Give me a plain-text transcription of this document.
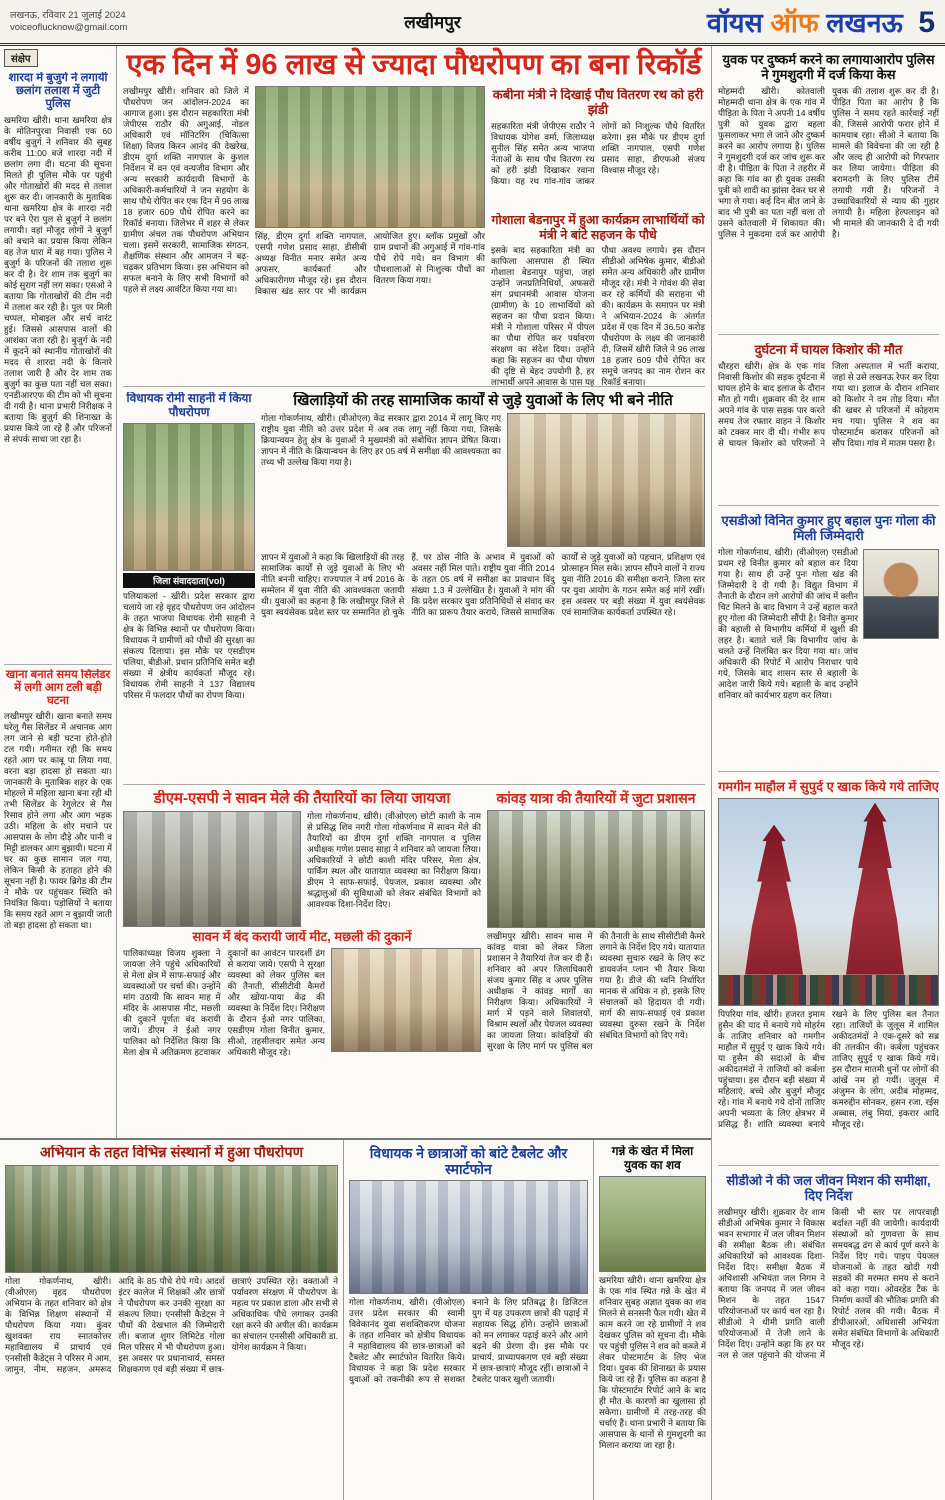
लखनऊ, रविवार 21 जुलाई 2024
voiceoflucknow@gmail.com	लखीमपुर	वॉयस ऑफ लखनऊ 5
संक्षेप
शारदा में बुजुर्ग ने लगायी छलांग तलाश में जुटी पुलिस
खमरिया खीरी। थाना खमरिया क्षेत्र के मोतिनपुरवा निवासी एक 60 वर्षीय बुजुर्ग ने शनिवार की सुबह करीब 11:00 बजे शारदा नदी में छलांग लगा दी। घटना की सूचना मिलते ही पुलिस मौके पर पहुंची और गोताखोरों की मदद से तलाश शुरू कर दी। जानकारी के मुताबिक थाना खमरिया क्षेत्र के शारदा नदी पर बने ऐरा पुल से बुजुर्ग ने छलांग लगायी। वहां मौजूद लोगों ने बुजुर्ग को बचाने का प्रयास किया लेकिन वह तेज धारा में बह गया। पुलिस ने बुजुर्ग के परिजनों की तलाश शुरू कर दी है। देर शाम तक बुजुर्ग का कोई सुराग नहीं लग सका। एसओ ने बताया कि गोताखोरों की टीम नदी में तलाश कर रही है। पुल पर मिली चप्पल, मोबाइल और सर्च वारंट हुई। जिससे आसपास वालों की आशंका जता रही है। बुजुर्ग के नदी में कूदने को स्थानीय गोताखोरों की मदद से शारदा नदी के किनारे तलाश जारी है और देर शाम तक बुजुर्ग का कुछ पता नहीं चल सका। एनडीआरएफ की टीम को भी सूचना दी गयी है। थाना प्रभारी निरीक्षक ने बताया कि बुजुर्ग की शिनाख्त के प्रयास किये जा रहे हैं और परिजनों से संपर्क साधा जा रहा है।
खाना बनाते समय सिलेंडर में लगी आग टली बड़ी घटना
लखीमपुर खीरी। खाना बनाते समय घरेलू गैस सिलेंडर में अचानक आग लग जाने से बड़ी घटना होते-होते टल गयी। गनीमत रही कि समय रहते आग पर काबू पा लिया गया, वरना बड़ा हादसा हो सकता था। जानकारी के मुताबिक शहर के एक मोहल्ले में महिला खाना बना रही थी तभी सिलेंडर के रेगुलेटर से गैस रिसाव होने लगा और आग भड़क उठी। महिला के शोर मचाने पर आसपास के लोग दौड़े और पानी व मिट्टी डालकर आग बुझायी। घटना में घर का कुछ सामान जल गया, लेकिन किसी के हताहत होने की सूचना नहीं है। फायर ब्रिगेड की टीम ने मौके पर पहुंचकर स्थिति को नियंत्रित किया। पड़ोसियों ने बताया कि समय रहते आग न बुझायी जाती तो बड़ा हादसा हो सकता था।
एक दिन में 96 लाख से ज्यादा पौधरोपण का बना रिकॉर्ड
लखीमपुर खीरी। शनिवार को जिले में पौधरोपण जन आंदोलन-2024 का आगाज हुआ। इस दौरान सहकारिता मंत्री जेपीएस राठौर की अगुआई, नोडल अधिकारी एवं मॉनिटरिंग (चिकित्सा शिक्षा) विजय किरन आनंद की देखरेख, डीएम दुर्गा शक्ति नागपाल के कुशल निर्देशन में वन एवं वन्यजीव विभाग और अन्य सरकारी कार्यदायी विभागों के अधिकारी-कर्मचारियों ने जन सहयोग के साथ पौधे रोपित कर एक दिन में 96 लाख 18 हजार 609 पौधे रोपित करने का रिकॉर्ड बनाया। जिलेभर में शहर से लेकर ग्रामीण अंचल तक पौधरोपण अभियान चला। इसमें सरकारी, सामाजिक संगठन, शैक्षणिक संस्थान और आमजन ने बढ़-चढ़कर प्रतिभाग किया। इस अभियान को सफल बनाने के लिए सभी विभागों को पहले से लक्ष्य आवंटित किया गया था।
सिंह, डीएम दुर्गा शक्ति नागपाल, एसपी गणेश प्रसाद साहा, डीसीबी अध्यक्ष विनीत मनार समेत अन्य अफसर, कार्यकर्ता और अधिकारीगण मौजूद रहे। इस दौरान विकास खंड स्तर पर भी कार्यक्रम आयोजित हुए। ब्लॉक प्रमुखों और ग्राम प्रधानों की अगुआई में गांव-गांव पौधे रोपे गये। वन विभाग की पौधशालाओं से निःशुल्क पौधों का वितरण किया गया।
कबीना मंत्री ने दिखाई पौध वितरण रथ को हरी झंडी
सहकारिता मंत्री जेपीएस राठौर ने विधायक योगेश वर्मा, जिलाध्यक्ष सुनील सिंह समेत अन्य भाजपा नेताओं के साथ पौध वितरण रथ को हरी झंडी दिखाकर रवाना किया। यह रथ गांव-गांव जाकर लोगों को निःशुल्क पौधे वितरित करेगा। इस मौके पर डीएम दुर्गा शक्ति नागपाल, एसपी गणेश प्रसाद साहा, डीएफओ संजय विश्वास मौजूद रहे।
गोशाला बेडनापुर में हुआ कार्यक्रम लाभार्थियों को मंत्री ने बांटे सहजन के पौधे
इसके बाद सहकारिता मंत्री का काफिला आसपास ही स्थित गोशाला बेडनापुर पहुंचा, जहां उन्होंने जनप्रतिनिधियों, अफसरों संग प्रधानमंत्री आवास योजना (ग्रामीण) के 10 लाभार्थियों को सहजन का पौधा प्रदान किया। मंत्री ने गोशाला परिसर में पीपल का पौधा रोपित कर पर्यावरण संरक्षण का संदेश दिया। उन्होंने कहा कि सहजन का पौधा पोषण की दृष्टि से बेहद उपयोगी है, हर लाभार्थी अपने आवास के पास यह पौधा अवश्य लगाये। इस दौरान सीडीओ अभिषेक कुमार, बीडीओ समेत अन्य अधिकारी और ग्रामीण मौजूद रहे। मंत्री ने गोवंश की सेवा कर रहे कर्मियों की सराहना भी की। कार्यक्रम के समापन पर मंत्री ने अभियान-2024 के अंतर्गत प्रदेश में एक दिन में 36.50 करोड़ पौधरोपण के लक्ष्य की जानकारी दी, जिसमें खीरी जिले ने 96 लाख 18 हजार 609 पौधे रोपित कर समूचे जनपद का नाम रोशन कर रिकॉर्ड बनाया।
विधायक रोमी साहनी में किया पौधरोपण
जिला संवाददाता(vol)
पलियाकलां - खीरी। प्रदेश सरकार द्वारा चलाये जा रहे वृहद पौधरोपण जन आंदोलन के तहत भाजपा विधायक रोमी साहनी ने क्षेत्र के विभिन्न स्थानों पर पौधरोपण किया। विधायक ने ग्रामीणों को पौधों की सुरक्षा का संकल्प दिलाया। इस मौके पर एसडीएम पलिया, बीडीओ, प्रधान प्रतिनिधि समेत बड़ी संख्या में क्षेत्रीय कार्यकर्ता मौजूद रहे। विधायक रोमी साहनी ने 137 विद्यालय परिसर में फलदार पौधों का रोपण किया।
खिलाड़ियों की तरह सामाजिक कार्यों से जुड़े युवाओं के लिए भी बने नीति
गोला गोकर्णनाथ, खीरी। (वीओएल) केंद्र सरकार द्वारा 2014 में लागू किए गए राष्ट्रीय युवा नीति को उत्तर प्रदेश में अब तक लागू नहीं किया गया, जिसके क्रियान्वयन हेतु क्षेत्र के युवाओं ने मुख्यमंत्री को संबोधित ज्ञापन प्रेषित किया। ज्ञापन में नीति के क्रियान्वयन के लिए हर 05 वर्ष में समीक्षा की आवश्यकता का तथ्य भी उल्लेख किया गया है।
ज्ञापन में युवाओं ने कहा कि खिलाड़ियों की तरह सामाजिक कार्यों से जुड़े युवाओं के लिए भी नीति बननी चाहिए। राज्यपाल ने वर्ष 2016 के सम्मेलन में युवा नीति की आवश्यकता जतायी थी। युवाओं का कहना है कि लखीमपुर जिले से युवा स्वयंसेवक प्रदेश स्तर पर सम्मानित हो चुके हैं, पर ठोस नीति के अभाव में युवाओं को अवसर नहीं मिल पाते। राष्ट्रीय युवा नीति 2014 के तहत 05 वर्ष में समीक्षा का प्रावधान विंदु संख्या 1.3 में उल्लेखित है। युवाओं ने मांग की कि प्रदेश सरकार युवा प्रतिनिधियों से संवाद कर नीति का प्रारूप तैयार कराये, जिससे सामाजिक कार्यों से जुड़े युवाओं को पहचान, प्रशिक्षण एवं प्रोत्साहन मिल सके। ज्ञापन सौंपने वालों ने राज्य युवा नीति 2016 की समीक्षा कराने, जिला स्तर पर युवा आयोग के गठन समेत कई मांगें रखीं। इस अवसर पर बड़ी संख्या में युवा स्वयंसेवक एवं सामाजिक कार्यकर्ता उपस्थित रहे।
डीएम-एसपी ने सावन मेले की तैयारियों का लिया जायजा
गोला गोकर्णनाथ, खीरी। (वीओएल) छोटी काशी के नाम से प्रसिद्ध शिव नगरी गोला गोकर्णनाथ में सावन मेले की तैयारियों का डीएम दुर्गा शक्ति नागपाल व पुलिस अधीक्षक गणेश प्रसाद साहा ने शनिवार को जायजा लिया। अधिकारियों ने छोटी काशी मंदिर परिसर, मेला क्षेत्र, पार्किंग स्थल और यातायात व्यवस्था का निरीक्षण किया। डीएम ने साफ-सफाई, पेयजल, प्रकाश व्यवस्था और श्रद्धालुओं की सुविधाओं को लेकर संबंधित विभागों को आवश्यक दिशा-निर्देश दिए।
सावन में बंद करायी जायें मीट, मछली की दुकानें
पालिकाध्यक्ष विजय शुक्ला ने जायजा लेने पहुंचे अधिकारियों से मेला क्षेत्र में साफ-सफाई और व्यवस्थाओं पर चर्चा की। उन्होंने मांग उठायी कि सावन माह में मंदिर के आसपास मीट, मछली की दुकानें पूर्णतः बंद करायी जायें। डीएम ने ईओ नगर पालिका को निर्देशित किया कि मेला क्षेत्र में अतिक्रमण हटवाकर दुकानों का आवंटन पारदर्शी ढंग से कराया जाये। एसपी ने सुरक्षा व्यवस्था को लेकर पुलिस बल की तैनाती, सीसीटीवी कैमरों और खोया-पाया केंद्र की व्यवस्था के निर्देश दिए। निरीक्षण के दौरान ईओ नगर पालिका, एसडीएम गोला विनीत कुमार, सीओ, तहसीलदार समेत अन्य अधिकारी मौजूद रहे।
कांवड़ यात्रा की तैयारियों में जुटा प्रशासन
लखीमपुर खीरी। सावन मास में कांवड़ यात्रा को लेकर जिला प्रशासन ने तैयारियां तेज कर दी हैं। शनिवार को अपर जिलाधिकारी संजय कुमार सिंह व अपर पुलिस अधीक्षक ने कांवड़ मार्गों का निरीक्षण किया। अधिकारियों ने मार्ग में पड़ने वाले शिवालयों, विश्राम स्थलों और पेयजल व्यवस्था का जायजा लिया। कांवड़ियों की सुरक्षा के लिए मार्ग पर पुलिस बल की तैनाती के साथ सीसीटीवी कैमरे लगाने के निर्देश दिए गये। यातायात व्यवस्था सुचारु रखने के लिए रूट डायवर्जन प्लान भी तैयार किया गया है। डीजे की ध्वनि निर्धारित मानक से अधिक न हो, इसके लिए संचालकों को हिदायत दी गयी। मार्ग की साफ-सफाई एवं प्रकाश व्यवस्था दुरुस्त रखने के निर्देश संबंधित विभागों को दिए गये।
अभियान के तहत विभिन्न संस्थानों में हुआ पौधरोपण
गोला गोकर्णनाथ, खीरी। (वीओएल) वृहद पौधरोपण अभियान के तहत शनिवार को क्षेत्र के विभिन्न शिक्षण संस्थानों में पौधरोपण किया गया। कुंवर खुशवक्त राय स्नातकोत्तर महाविद्यालय में प्राचार्य एवं एनसीसी कैडेट्स ने परिसर में आम, जामुन, नीम, सहजन, अमरूद आदि के 85 पौधे रोपे गये। आदर्श इंटर कालेज में शिक्षकों और छात्रों ने पौधरोपण कर उनकी सुरक्षा का संकल्प लिया। एनसीसी कैडेट्स ने पौधों की देखभाल की जिम्मेदारी ली। बजाज शुगर लिमिटेड गोला मिल परिसर में भी पौधरोपण हुआ। इस अवसर पर प्रधानाचार्य, समस्त शिक्षकगण एवं बड़ी संख्या में छात्र-छात्राएं उपस्थित रहे। वक्ताओं ने पर्यावरण संरक्षण में पौधरोपण के महत्व पर प्रकाश डाला और सभी से अधिकाधिक पौधे लगाकर उनकी रक्षा करने की अपील की। कार्यक्रम का संचालन एनसीसी अधिकारी डा. योगेश कार्यक्रम ने किया।
विधायक ने छात्राओं को बांटे टैबलेट और स्मार्टफोन
गोला गोकर्णनाथ, खीरी। (वीओएल) उत्तर प्रदेश सरकार की स्वामी विवेकानंद युवा सशक्तिकरण योजना के तहत शनिवार को क्षेत्रीय विधायक ने महाविद्यालय की छात्र-छात्राओं को टैबलेट और स्मार्टफोन वितरित किये। विधायक ने कहा कि प्रदेश सरकार युवाओं को तकनीकी रूप से सशक्त बनाने के लिए प्रतिबद्ध है। डिजिटल युग में यह उपकरण छात्रों की पढ़ाई में सहायक सिद्ध होंगे। उन्होंने छात्राओं को मन लगाकर पढ़ाई करने और आगे बढ़ने की प्रेरणा दी। इस मौके पर प्राचार्य, प्राध्यापकगण एवं बड़ी संख्या में छात्र-छात्राएं मौजूद रहीं। छात्राओं ने टैबलेट पाकर खुशी जतायी।
गन्ने के खेत में मिला युवक का शव
खमरिया खीरी। थाना खमरिया क्षेत्र के एक गांव स्थित गन्ने के खेत में शनिवार सुबह अज्ञात युवक का शव मिलने से सनसनी फैल गयी। खेत में काम करने जा रहे ग्रामीणों ने शव देखकर पुलिस को सूचना दी। मौके पर पहुंची पुलिस ने शव को कब्जे में लेकर पोस्टमार्टम के लिए भेज दिया। युवक की शिनाख्त के प्रयास किये जा रहे हैं। पुलिस का कहना है कि पोस्टमार्टम रिपोर्ट आने के बाद ही मौत के कारणों का खुलासा हो सकेगा। ग्रामीणों में तरह-तरह की चर्चाएं हैं। थाना प्रभारी ने बताया कि आसपास के थानों से गुमशुदगी का मिलान कराया जा रहा है।
युवक पर दुष्कर्म करने का लगायाआरोप पुलिस ने गुमशुदगी में दर्ज किया केस
मोहम्मदी खीरी। कोतवाली मोहम्मदी थाना क्षेत्र के एक गांव में पीड़िता के पिता ने अपनी 14 वर्षीय पुत्री को युवक द्वारा बहला फुसलाकर भगा ले जाने और दुष्कर्म करने का आरोप लगाया है। पुलिस ने गुमशुदगी दर्ज कर जांच शुरू कर दी है। पीड़िता के पिता ने तहरीर में कहा कि गांव का ही युवक उसकी पुत्री को शादी का झांसा देकर घर से भगा ले गया। कई दिन बीत जाने के बाद भी पुत्री का पता नहीं चला तो उसने कोतवाली में शिकायत की। पुलिस ने मुकदमा दर्ज कर आरोपी युवक की तलाश शुरू कर दी है। पीड़ित पिता का आरोप है कि पुलिस ने समय रहते कार्रवाई नहीं की, जिससे आरोपी फरार होने में कामयाब रहा। सीओ ने बताया कि मामले की विवेचना की जा रही है और जल्द ही आरोपी को गिरफ्तार कर लिया जायेगा। पीड़िता की बरामदगी के लिए पुलिस टीमें लगायी गयी हैं। परिजनों ने उच्चाधिकारियों से न्याय की गुहार लगायी है। महिला हेल्पलाइन को भी मामले की जानकारी दे दी गयी है।
दुर्घटना में घायल किशोर की मौत
धौरहरा खीरी। क्षेत्र के एक गांव निवासी किशोर की सड़क दुर्घटना में घायल होने के बाद इलाज के दौरान मौत हो गयी। शुक्रवार की देर शाम अपने गांव के पास सड़क पार करते समय तेज रफ्तार वाहन ने किशोर को टक्कर मार दी थी। गंभीर रूप से घायल किशोर को परिजनों ने जिला अस्पताल में भर्ती कराया, जहां से उसे लखनऊ रेफर कर दिया गया था। इलाज के दौरान शनिवार को किशोर ने दम तोड़ दिया। मौत की खबर से परिजनों में कोहराम मच गया। पुलिस ने शव का पोस्टमार्टम कराकर परिजनों को सौंप दिया। गांव में मातम पसरा है।
एसडीओ विनित कुमार हुए बहाल पुनः गोला की मिली जिम्मेदारी
गोला गोकर्णनाथ, खीरी। (वीओएल) एसडीओ प्रथम रहे विनीत कुमार को बहाल कर दिया गया है। साथ ही उन्हें पुनः गोला खंड की जिम्मेदारी दे दी गयी है। विद्युत विभाग में तैनाती के दौरान लगे आरोपों की जांच में क्लीन चिट मिलने के बाद विभाग ने उन्हें बहाल करते हुए गोला की जिम्मेदारी सौंपी है। विनीत कुमार की बहाली से विभागीय कर्मियों में खुशी की लहर है। बताते चलें कि विभागीय जांच के चलते उन्हें निलंबित कर दिया गया था। जांच अधिकारी की रिपोर्ट में आरोप निराधार पाये गये, जिसके बाद शासन स्तर से बहाली के आदेश जारी किये गये। बहाली के बाद उन्होंने शनिवार को कार्यभार ग्रहण कर लिया।
गमगीन माहौल में सुपुर्द ए खाक किये गये ताजिए
पिपरिया गांव, खीरी। हजरत इमाम हुसैन की याद में बनाये गये मोहर्रम के ताजिए शनिवार को गमगीन माहौल में सुपुर्द ए खाक किये गये। या हुसैन की सदाओं के बीच अकीदतमंदों ने ताजियों को कर्बला पहुंचाया। इस दौरान बड़ी संख्या में महिलाएं, बच्चे और बुजुर्ग मौजूद रहे। गांव में बनाये गये दोनों ताजिए अपनी भव्यता के लिए क्षेत्रभर में प्रसिद्ध हैं। शांति व्यवस्था बनाये रखने के लिए पुलिस बल तैनात रहा। ताजियों के जुलूस में शामिल अकीदतमंदों ने एक-दूसरे को सब्र की तलकीन की। कर्बला पहुंचकर ताजिए सुपुर्द ए खाक किये गये। इस दौरान मातमी धुनों पर लोगों की आंखें नम हो गयीं। जुलूस में अंजुमन के लोग, अदीब मोहम्मद, कमरुद्दीन सोनकर, हसन रजा, रईस अब्बास, लंबु मियां, इकरार आदि मौजूद रहे।
सीडीओ ने की जल जीवन मिशन की समीक्षा, दिए निर्देश
लखीमपुर खीरी। शुक्रवार देर शाम सीडीओ अभिषेक कुमार ने विकास भवन सभागार में जल जीवन मिशन की समीक्षा बैठक ली। संबंधित अधिकारियों को आवश्यक दिशा-निर्देश दिए। समीक्षा बैठक में अधिशासी अभियंता जल निगम ने बताया कि जनपद में जल जीवन मिशन के तहत 1547 परियोजनाओं पर कार्य चल रहा है। सीडीओ ने धीमी प्रगति वाली परियोजनाओं में तेजी लाने के निर्देश दिए। उन्होंने कहा कि हर घर नल से जल पहुंचाने की योजना में किसी भी स्तर पर लापरवाही बर्दाश्त नहीं की जायेगी। कार्यदायी संस्थाओं को गुणवत्ता के साथ समयबद्ध ढंग से कार्य पूर्ण करने के निर्देश दिए गये। पाइप पेयजल योजनाओं के तहत खोदी गयी सड़कों की मरम्मत समय से कराने को कहा गया। ओवरहेड टैंक के निर्माण कार्यों की भौतिक प्रगति की रिपोर्ट तलब की गयी। बैठक में डीपीआरओ, अधिशासी अभियंता समेत संबंधित विभागों के अधिकारी मौजूद रहे।
